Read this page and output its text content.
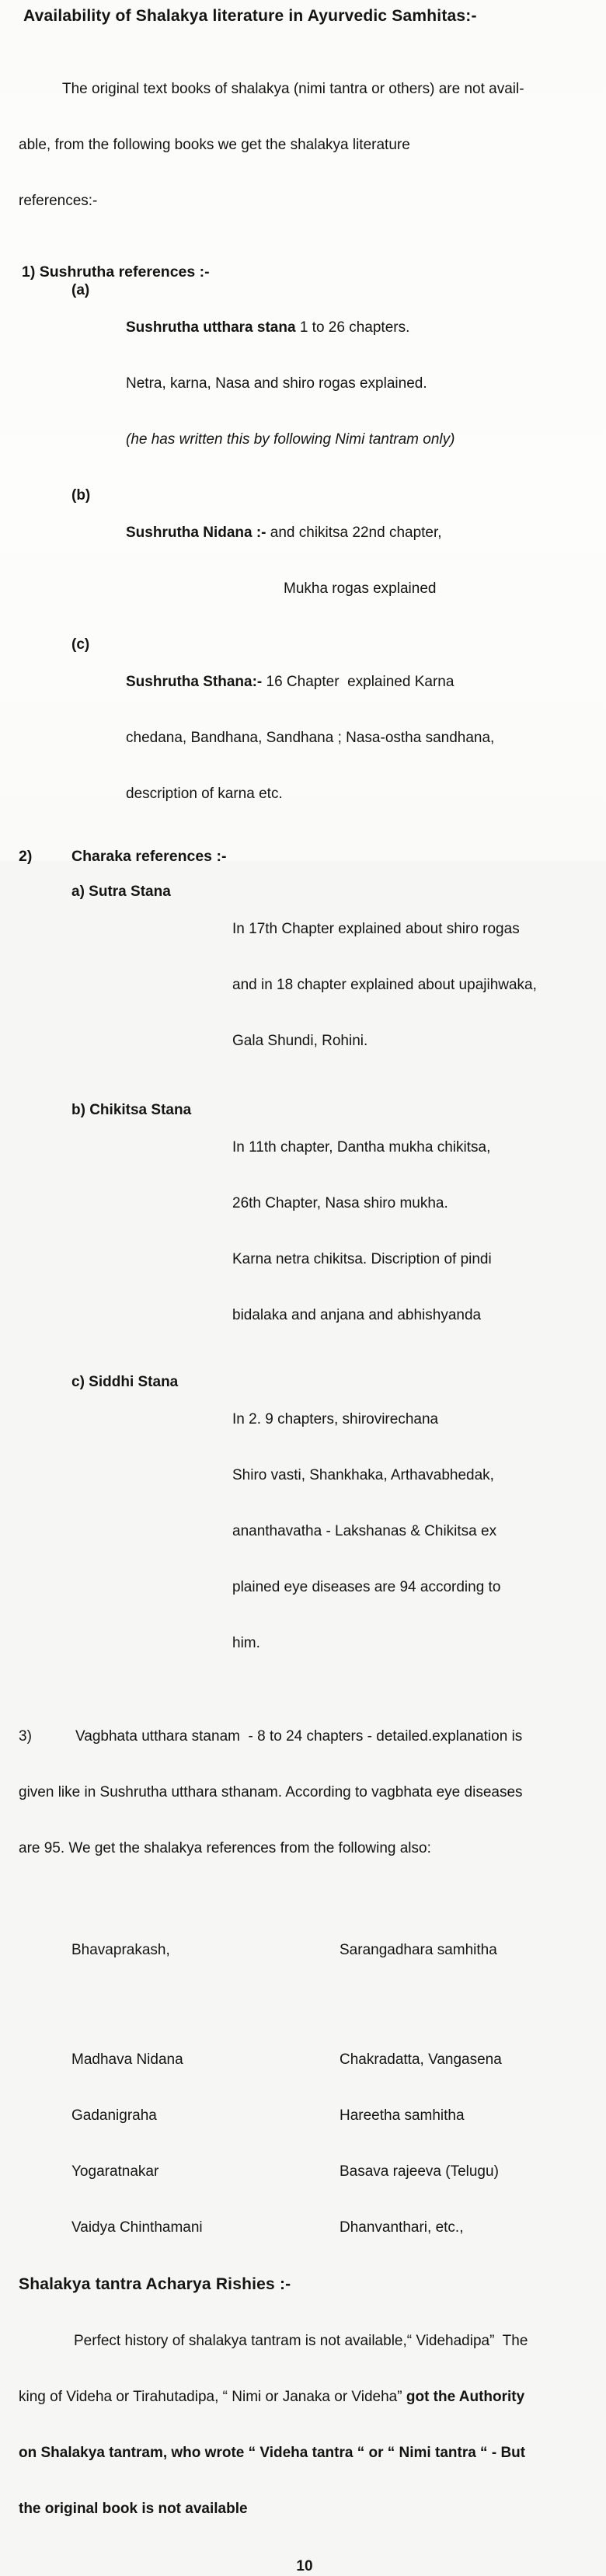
Availability of Shalakya literature in Ayurvedic Samhitas:-

The original text books of shalakya (nimi tantra or others) are not avail-

able, from the following books we get the shalakya literature

references:-

1) Sushrutha references :-
(a)

Sushrutha utthara stana 1 to 26 chapters.

Netra, karna, Nasa and shiro rogas explained.

(he has written this by following Nimi tantram only)

(b)

Sushrutha Nidana :- and chikitsa 22nd chapter,

Mukha rogas explained

(c)

Sushrutha Sthana:- 16 Chapter  explained Karna

chedana, Bandhana, Sandhana ; Nasa-ostha sandhana,

description of karna etc.

2)	Charaka references :-
a) Sutra Stana

In 17th Chapter explained about shiro rogas

and in 18 chapter explained about upajihwaka,

Gala Shundi, Rohini.

b) Chikitsa Stana

In 11th chapter, Dantha mukha chikitsa,

26th Chapter, Nasa shiro mukha.

Karna netra chikitsa. Discription of pindi

bidalaka and anjana and abhishyanda

c) Siddhi Stana

In 2. 9 chapters, shirovirechana

Shiro vasti, Shankhaka, Arthavabhedak,

ananthavatha - Lakshanas & Chikitsa ex

plained eye diseases are 94 according to

him.

3)	Vagbhata utthara stanam  - 8 to 24 chapters - detailed.explanation is

given like in Sushrutha utthara sthanam. According to vagbhata eye diseases

are 95. We get the shalakya references from the following also:

Bhavaprakash,	Sarangadhara samhitha

Madhava Nidana	Chakradatta, Vangasena

Gadanigraha	Hareetha samhitha

Yogaratnakar	Basava rajeeva (Telugu)

Vaidya Chinthamani	Dhanvanthari, etc.,

Shalakya tantra Acharya Rishies :-

Perfect history of shalakya tantram is not available,“ Videhadipa”  The

king of Videha or Tirahutadipa, “ Nimi or Janaka or Videha” got the Authority

on Shalakya tantram, who wrote “ Videha tantra “ or “ Nimi tantra “ - But

the original book is not available

10
